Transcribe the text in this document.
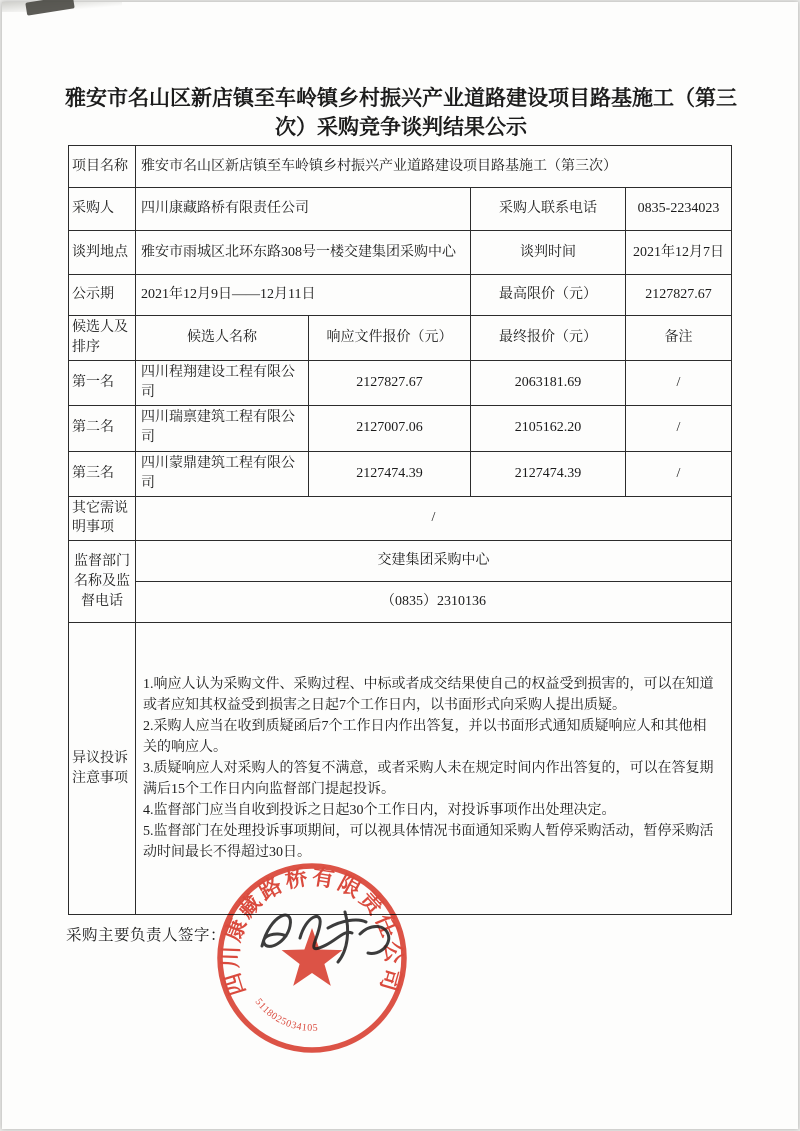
雅安市名山区新店镇至车岭镇乡村振兴产业道路建设项目路基施工（第三次）采购竞争谈判结果公示
项目名称	雅安市名山区新店镇至车岭镇乡村振兴产业道路建设项目路基施工（第三次）			
采购人	四川康藏路桥有限责任公司		采购人联系电话	0835-2234023
谈判地点	雅安市雨城区北环东路308号一楼交建集团采购中心		谈判时间	2021年12月7日
公示期	2021年12月9日——12月11日		最高限价（元）	2127827.67
候选人及排序	候选人名称	响应文件报价（元）	最终报价（元）	备注
第一名	四川程翔建设工程有限公司	2127827.67	2063181.69	/
第二名	四川瑞禀建筑工程有限公司	2127007.06	2105162.20	/
第三名	四川蒙鼎建筑工程有限公司	2127474.39	2127474.39	/
其它需说明事项	/			
监督部门名称及监督电话	交建集团采购中心			
	（0835）2310136			
异议投诉注意事项	1.响应人认为采购文件、采购过程、中标或者成交结果使自己的权益受到损害的，可以在知道或者应知其权益受到损害之日起7个工作日内，以书面形式向采购人提出质疑。
2.采购人应当在收到质疑函后7个工作日内作出答复，并以书面形式通知质疑响应人和其他相关的响应人。
3.质疑响应人对采购人的答复不满意，或者采购人未在规定时间内作出答复的，可以在答复期满后15个工作日内向监督部门提起投诉。
4.监督部门应当自收到投诉之日起30个工作日内，对投诉事项作出处理决定。
5.监督部门在处理投诉事项期间，可以视具体情况书面通知采购人暂停采购活动，暂停采购活动时间最长不得超过30日。			
采购主要负责人签字：
四川康藏路桥有限责任公司
5118025034105
